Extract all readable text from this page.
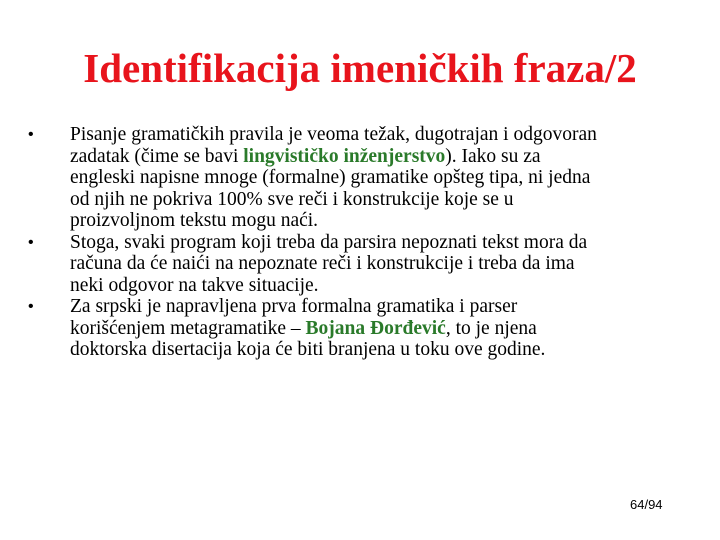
Identifikacija imeničkih fraza/2
• Pisanje gramatičkih pravila je veoma težak, dugotrajan i odgovoran
zadatak (čime se bavi lingvističko inženjerstvo). Iako su za
engleski napisne mnoge (formalne) gramatike opšteg tipa, ni jedna
od njih ne pokriva 100% sve reči i konstrukcije koje se u
proizvoljnom tekstu mogu naći.
• Stoga, svaki program koji treba da parsira nepoznati tekst mora da
računa da će naići na nepoznate reči i konstrukcije i treba da ima
neki odgovor na takve situacije.
• Za srpski je napravljena prva formalna gramatika i parser
korišćenjem metagramatike – Bojana Đorđević, to je njena
doktorska disertacija koja će biti branjena u toku ove godine.
64/94
